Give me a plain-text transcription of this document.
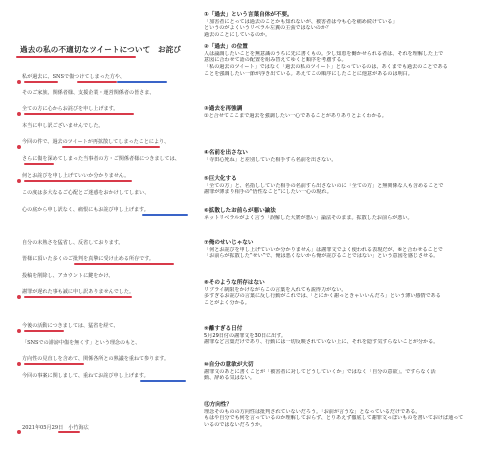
過去の私の不適切なツイートについて　お詫び
私が過去に、SNSで傷つけてしまった方や、
そのご家族、関係者様、支援企業・運営関係者の皆さま、
全ての方に心からお詫びを申し上げます。
本当に申し訳ございませんでした。
今回の件で、過去のツイートが再拡散してしまったことにより、
さらに傷を深めてしまった当事者の方・ご関係者様につきましては、
何とお詫びを申し上げていいか分かりません。
この度は多大なるご心配とご迷惑をおかけしてしまい、
心の底から申し訳なく、痛恨にもお詫び申し上げます。
自分の未熟さを猛省し、反省しております。
皆様に頂いた多くのご批判を真摯に受け止める所存です。
投稿を削除し、アカウントに鍵をかけ、
謝罪が遅れた事も誠に申し訳ありませんでした。
今後の活動につきましては、猛省を経て、
「SNSでの誹謗中傷を無くす」という理念のもと、
方向性の見直しを含めて、関係各所との熟議を重ねて参ります。
今回の事案に関しまして、重ねてお詫び申し上げます。
2021年05月29日　小竹海広
①「過去」という言葉自体が不要。
「加害者にとっては過去のことかも知れないが、被害者は今も心を痛め続けている」
というのがよくいうリベラル左翼の主張ではないのか？
過去のことにしているのか。
②「過去」の位置
人は論調したいことを無意識のうちに先に書くもの。少し知恵を働かせられる者は、それを理解した上で
意図に合わせて語の配置を組み替えてゆくと順序を考慮する。
「私の過去のツイート」ではなく「過去の私のツイート」となっているのは、あくまでも過去のことである
ことを強調したい一節が浮き出ている。あえてこの順序にしたことに他意があるのは明白。
③過去を再強調
①と合せてここまで過去を強調したい一心であることがありありとよくわかる。
④名前を出さない
「寺田心死ね」と差別していた相手すら名前を出さない。
⑤巨大化する
「全ての方」と、名指ししていた相手の名前すら出さないのに「全ての方」と無関係な人も含めることで
謝罪が薄まり相手の“悟性なこと”にしたい一心の現れ。
⑥拡散したお前らが悪い論法
ネットリベラルがよく言う「誤解した大衆が悪い」論法そのまま。拡散したお前らが悪い。
⑦俺のせいじゃない
「何とお詫びを申し上げていいか分かりません」は謝罪文でよく使われる表現だが、⑥と合わせることで
「お前らが拡散した”せい”で、俺は悪くないから俺が詫びることではない」という意図を感じさせる。
⑧そのような所存はない
リプライ制限をかけながらこの言葉を入れても説得力がない。
多すぎるお詫びの言葉に反し行動がこれでは、「とにかく謝っときゃいいんだろ」という薄い感情である
ことがよく分かる。
⑨離すぎる日付
5月29日付の謝罪文を30日に出す。
謝罪など言葉だけであり、行動には一切反映されていない上に、それを隠す気すらないことが分かる。
⑩自分の意欲が大切
謝罪文のあとに書くことが「被害者に対してどうしていくか」ではなく「自分の意欲」。ですらなく活
動、辞める気はない。
⑪方向性？
理念そのものの方向性は批判されていないだろう。「お前が言うな」となっているだけである。
もはや自分でも何を言っているのか理解しておらず、とりあえず徹底して謝罪文っぽいものを書いておけば通って
いるのではないだろうか。
